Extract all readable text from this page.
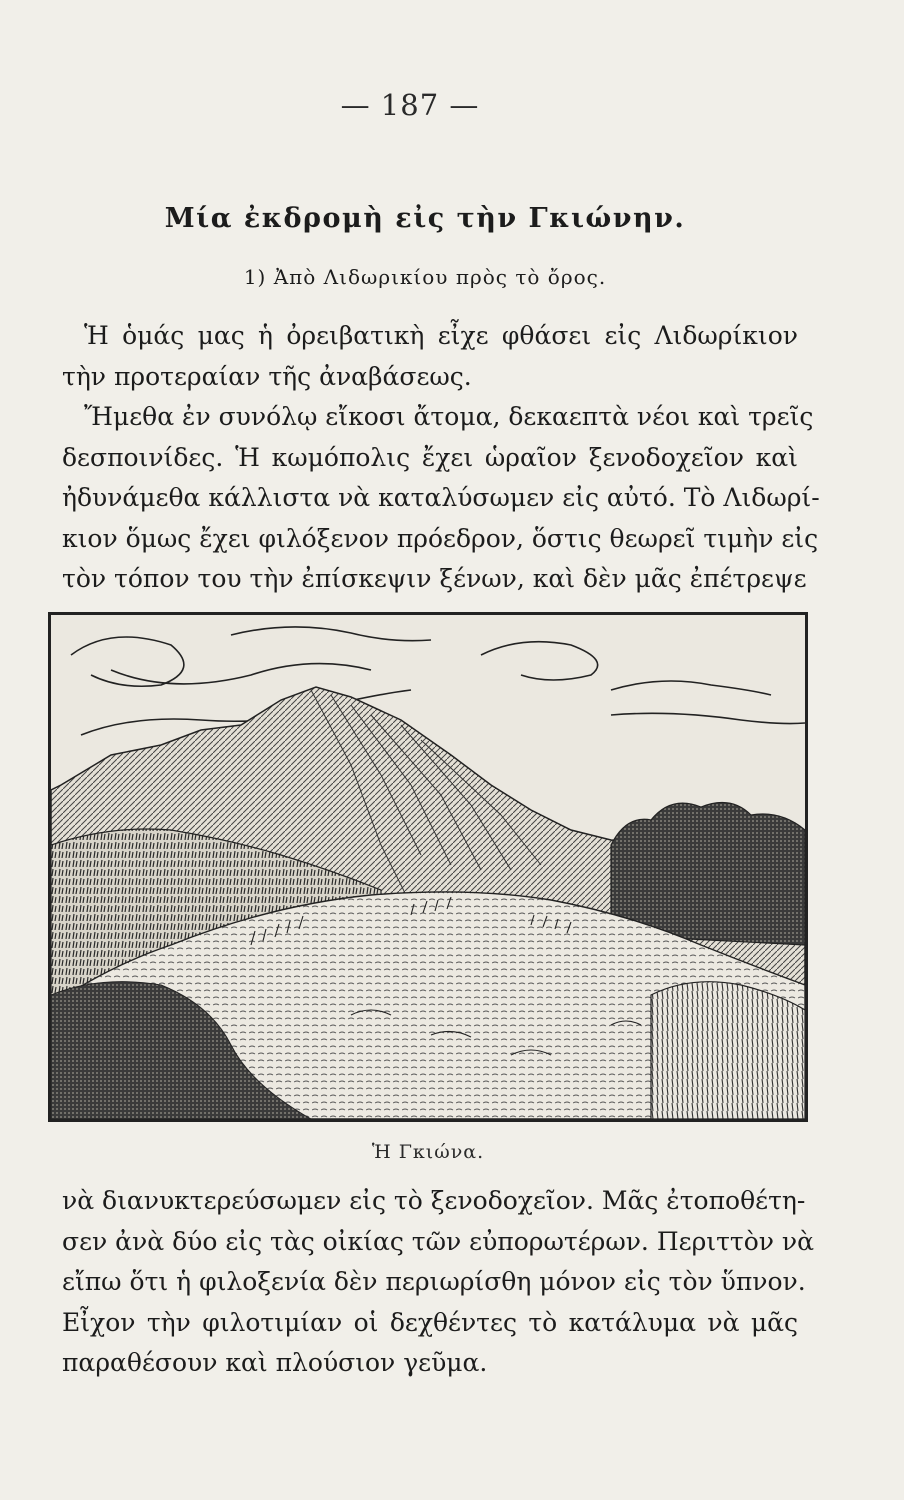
— 187 —
Μία ἐκδρομὴ εἰς τὴν Γκιώνην.
1) Ἀπὸ Λιδωρικίου πρὸς τὸ ὄρος.

Ἡ ὁμάς μας ἡ ὀρειβατικὴ εἶχε φθάσει εἰς Λιδωρίκιον
τὴν προτεραίαν τῆς ἀναβάσεως.

Ἤμεθα ἐν συνόλῳ εἴκοσι ἄτομα, δεκαεπτὰ νέοι καὶ τρεῖς
δεσποινίδες. Ἡ κωμόπολις ἔχει ὡραῖον ξενοδοχεῖον καὶ
ἠδυνάμεθα κάλλιστα νὰ καταλύσωμεν εἰς αὐτό. Τὸ Λιδωρί-
κιον ὅμως ἔχει φιλόξενον πρόεδρον, ὅστις θεωρεῖ τιμὴν εἰς
τὸν τόπον του τὴν ἐπίσκεψιν ξένων, καὶ δὲν μᾶς ἐπέτρεψε

Ἡ Γκιώνα.

νὰ διανυκτερεύσωμεν εἰς τὸ ξενοδοχεῖον. Μᾶς ἐτοποθέτη-
σεν ἀνὰ δύο εἰς τὰς οἰκίας τῶν εὐπορωτέρων. Περιττὸν νὰ
εἴπω ὅτι ἡ φιλοξενία δὲν περιωρίσθη μόνον εἰς τὸν ὕπνον.
Εἶχον τὴν φιλοτιμίαν οἱ δεχθέντες τὸ κατάλυμα νὰ μᾶς
παραθέσουν καὶ πλούσιον γεῦμα.
